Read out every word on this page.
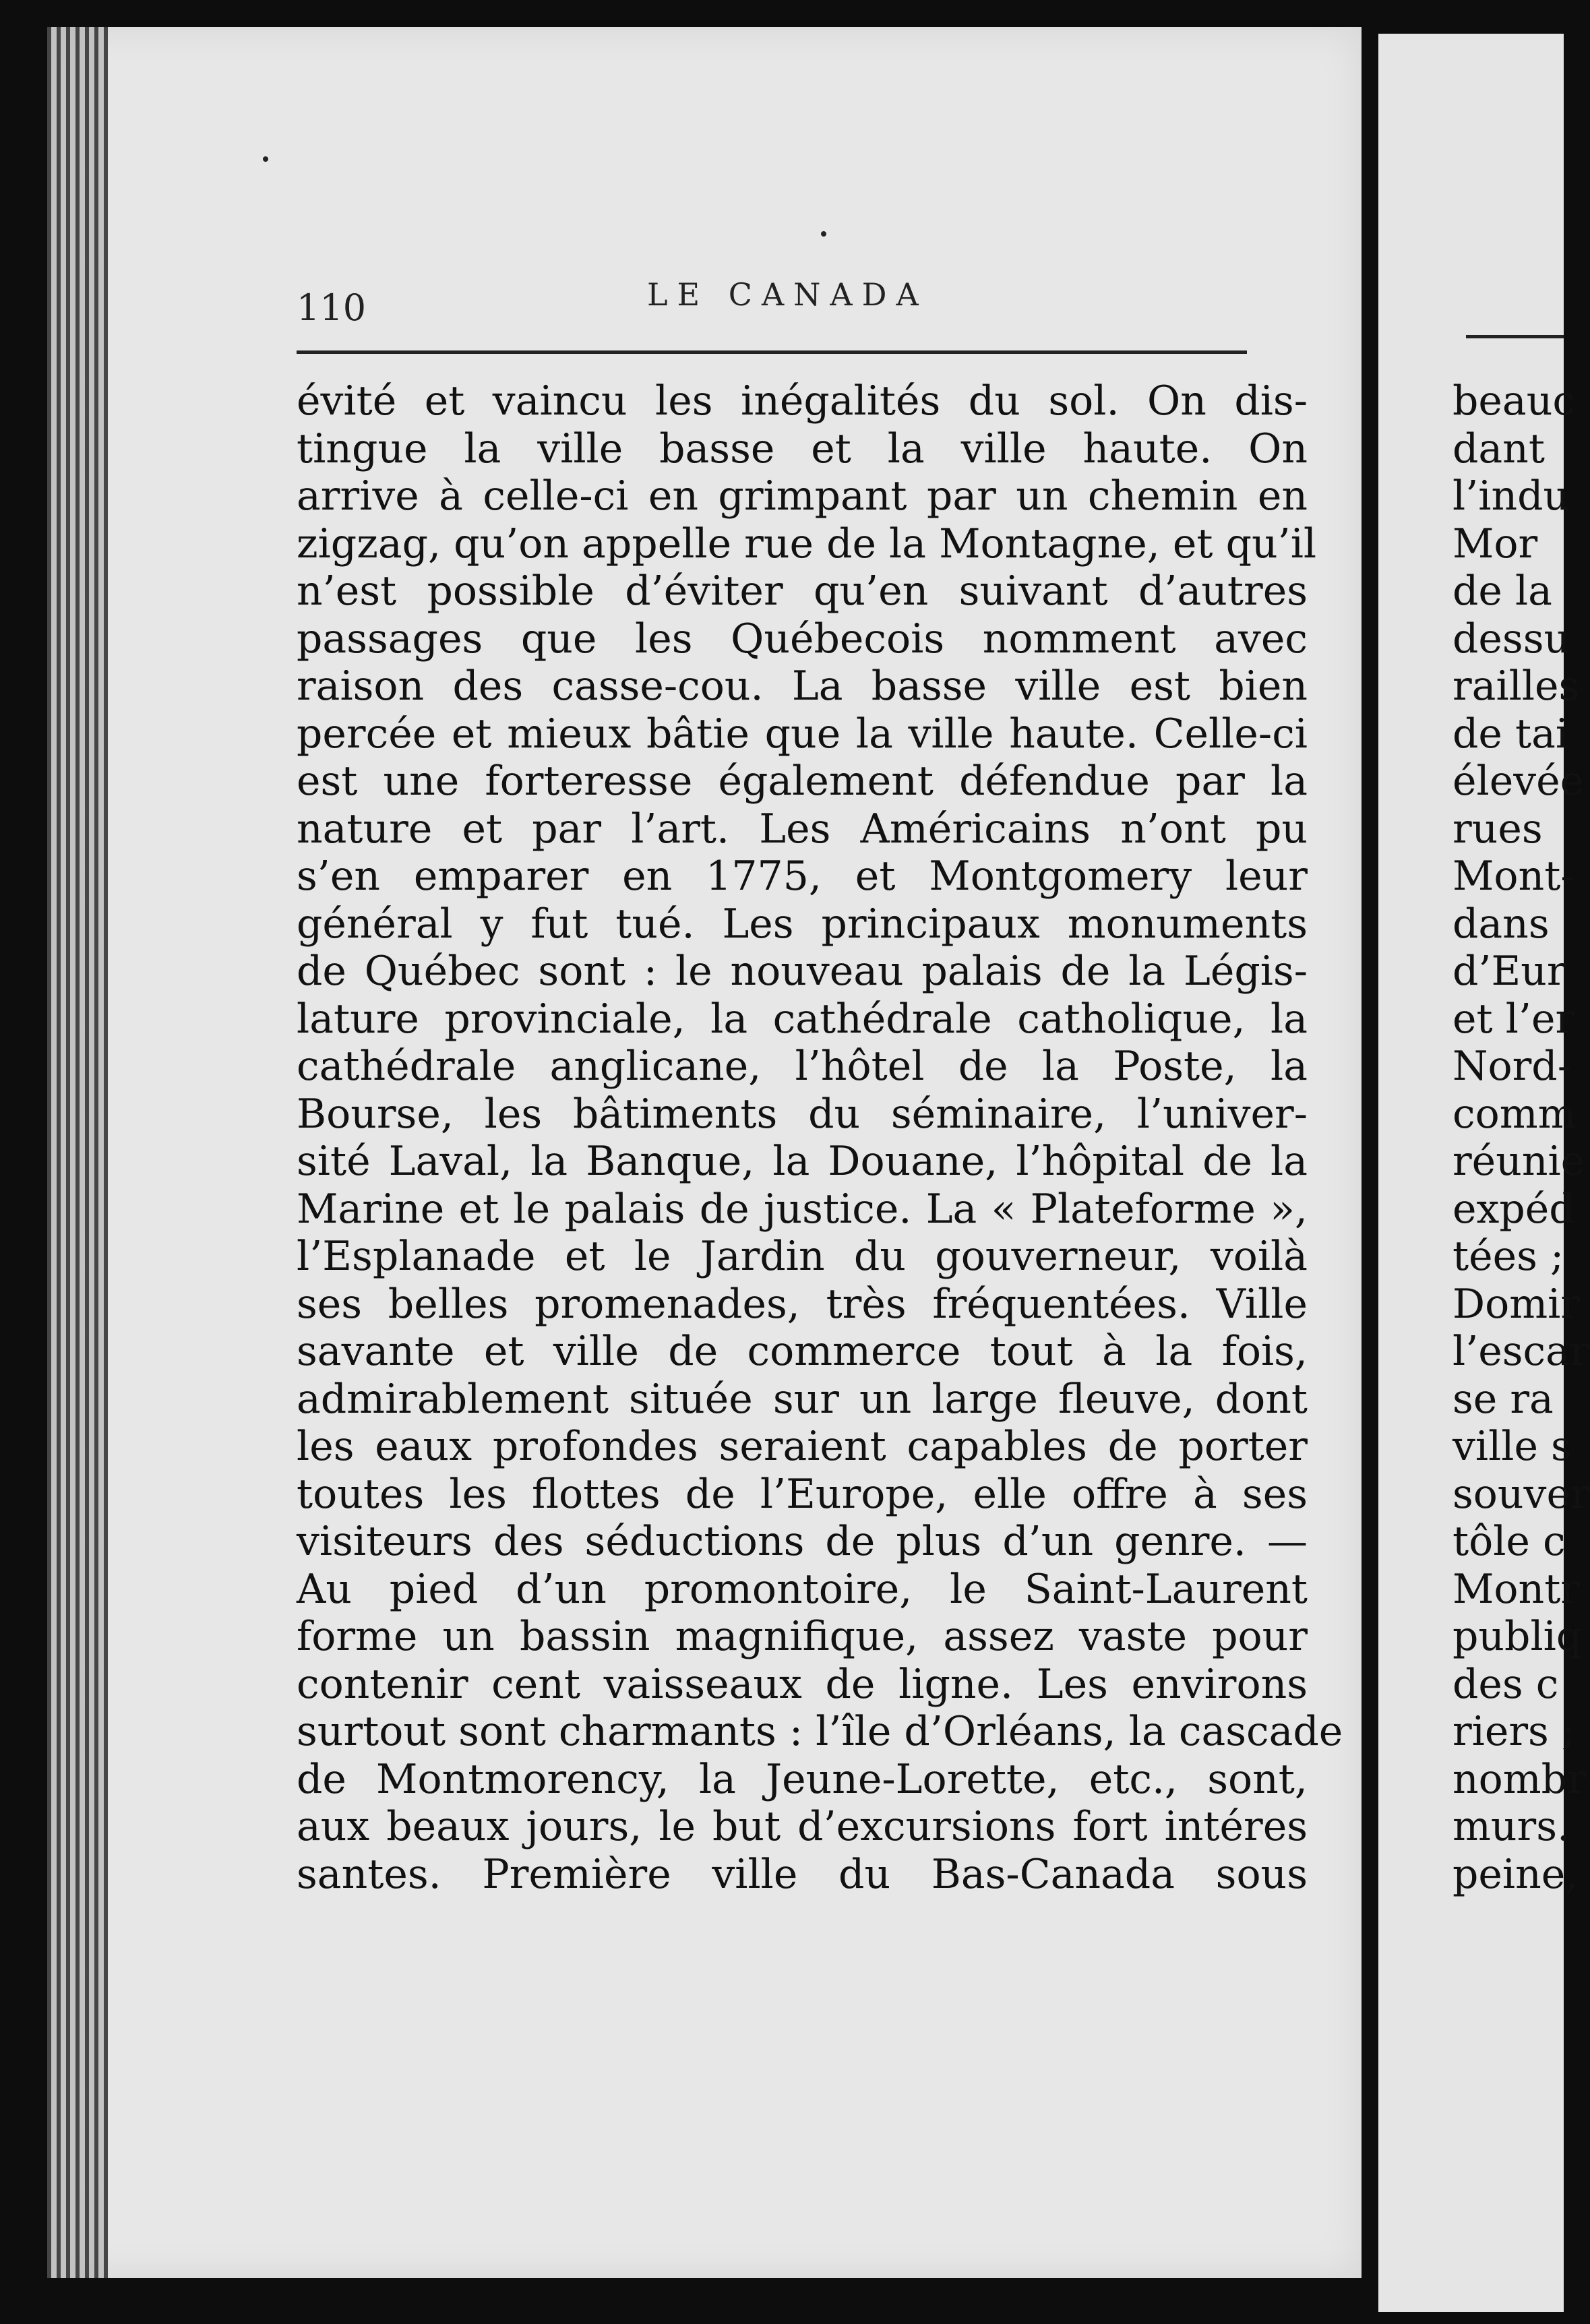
110	LE CANADA
évité et vaincu les inégalités du sol. On dis-
tingue la ville basse et la ville haute. On
arrive à celle-ci en grimpant par un chemin en
zigzag, qu’on appelle rue de la Montagne, et qu’il
n’est possible d’éviter qu’en suivant d’autres
passages que les Québecois nomment avec
raison des casse-cou. La basse ville est bien
percée et mieux bâtie que la ville haute. Celle-ci
est une forteresse également défendue par la
nature et par l’art. Les Américains n’ont pu
s’en emparer en 1775, et Montgomery leur
général y fut tué. Les principaux monuments
de Québec sont : le nouveau palais de la Légis-
lature provinciale, la cathédrale catholique, la
cathédrale anglicane, l’hôtel de la Poste, la
Bourse, les bâtiments du séminaire, l’univer-
sité Laval, la Banque, la Douane, l’hôpital de la
Marine et le palais de justice. La « Plateforme »,
l’Esplanade et le Jardin du gouverneur, voilà
ses belles promenades, très fréquentées. Ville
savante et ville de commerce tout à la fois,
admirablement située sur un large fleuve, dont
les eaux profondes seraient capables de porter
toutes les flottes de l’Europe, elle offre à ses
visiteurs des séductions de plus d’un genre. —
Au pied d’un promontoire, le Saint-Laurent
forme un bassin magnifique, assez vaste pour
contenir cent vaisseaux de ligne. Les environs
surtout sont charmants : l’île d’Orléans, la cascade
de Montmorency, la Jeune-Lorette, etc., sont,
aux beaux jours, le but d’excursions fort intéres
santes. Première ville du Bas-Canada sous
beauc
dant
l’indu
Mor
de la
dessu
railles
de tai
élevée
rues
Mont-
dans
d’Eur
et l’er
Nord-
comm
réunie
expéd
tées ;
Domir
l’escar
se ra
ville s
souver
tôle c
Montr
publiq
des c
riers ;
nombr
murs.
peine,
